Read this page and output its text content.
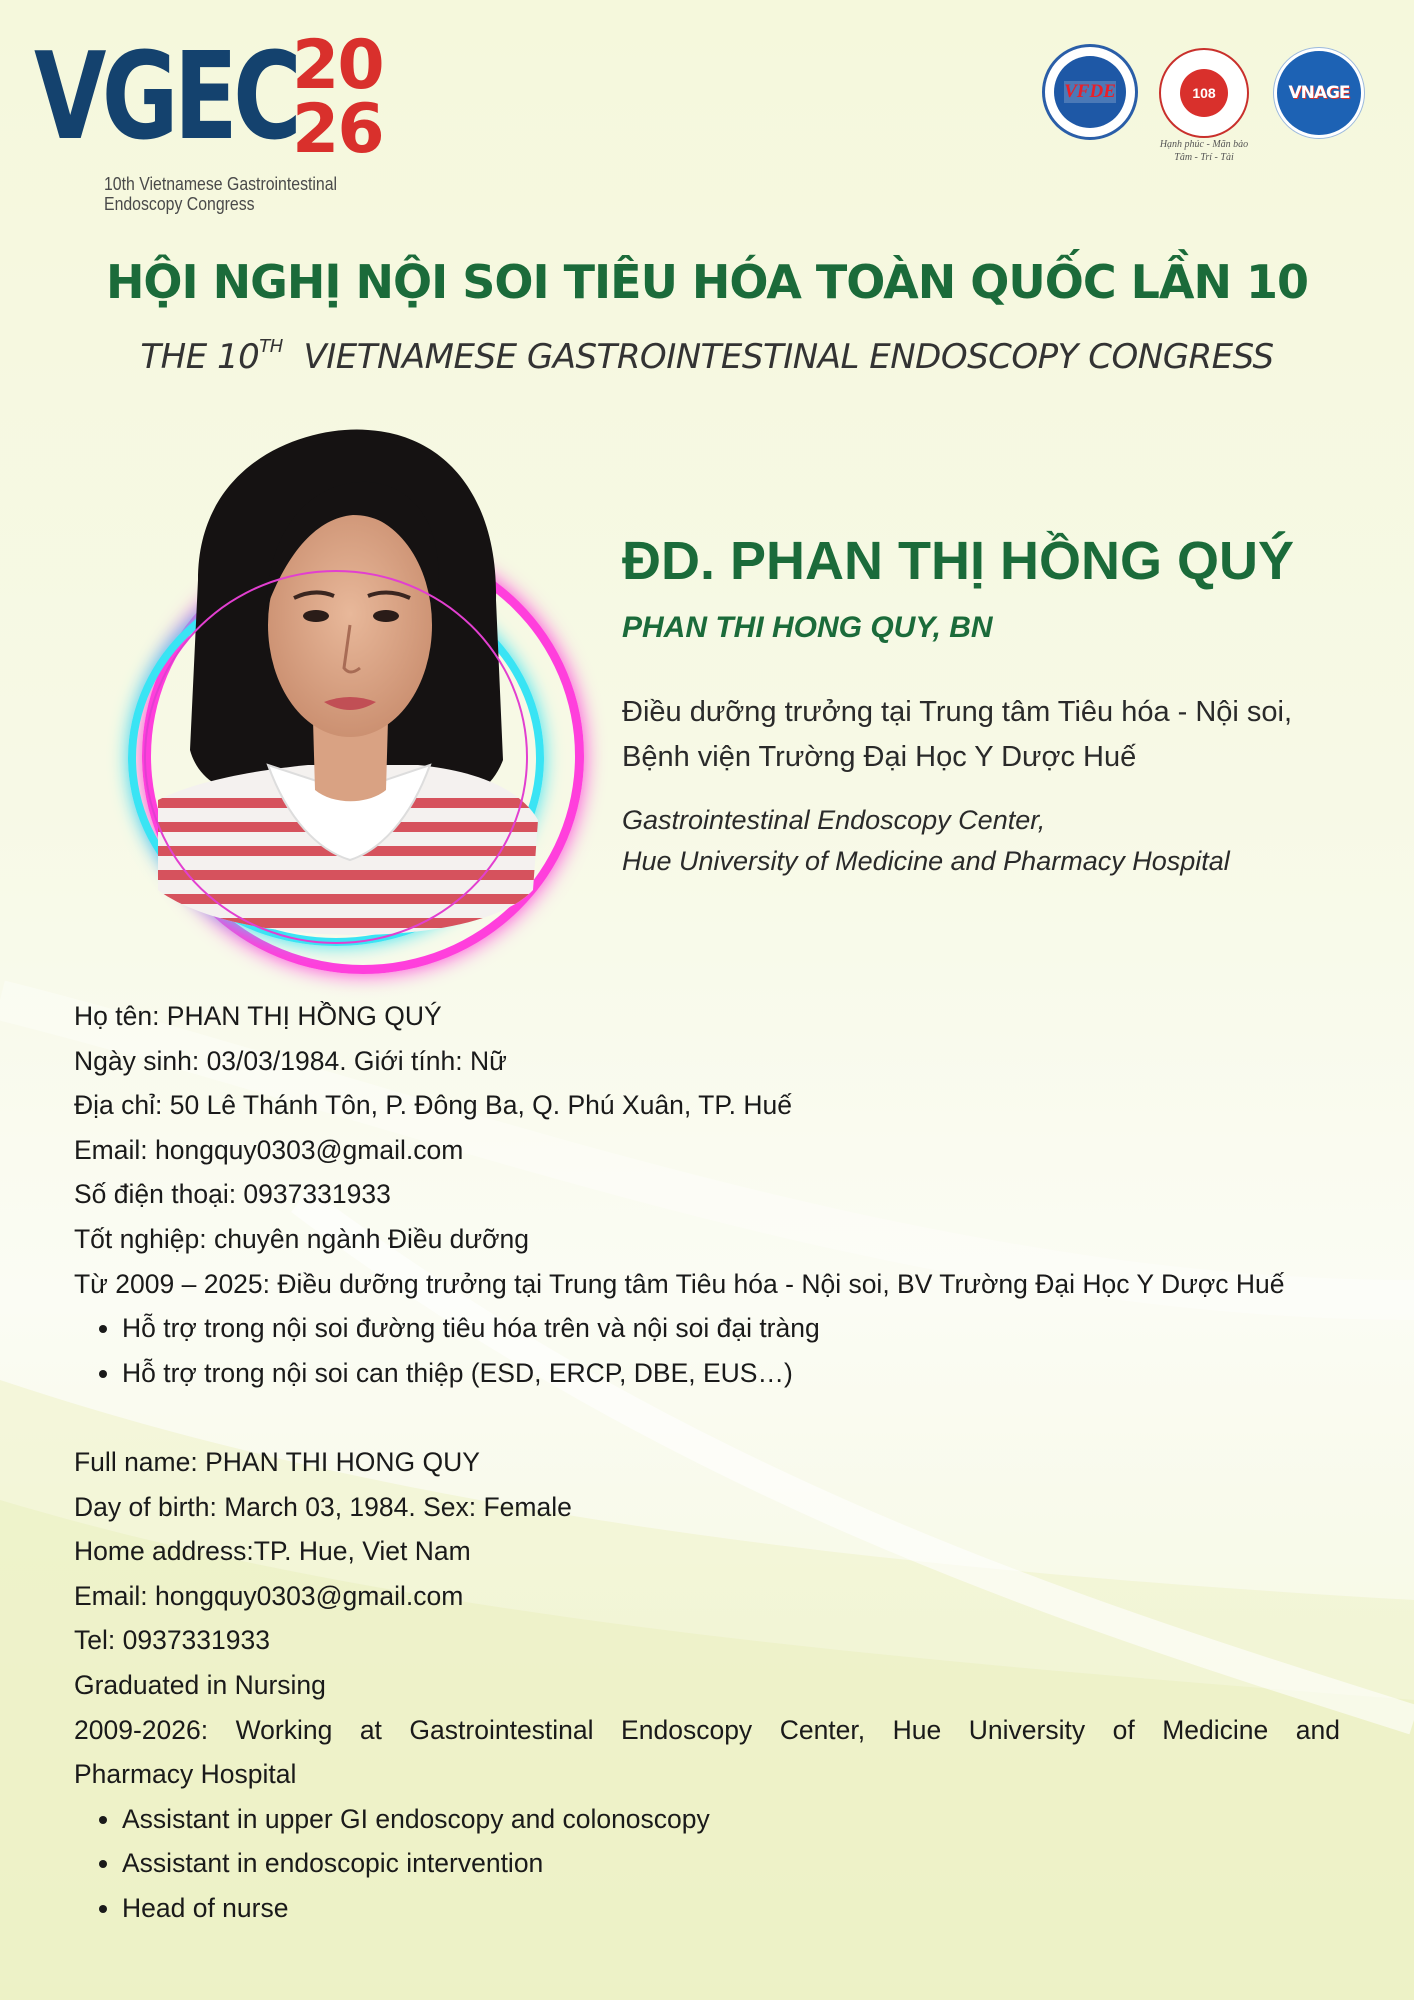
VGEC
20
26
10th Vietnamese Gastrointestinal
Endoscopy Congress
VFDE	108
Hạnh phúc - Mãn bảo
Tâm - Trí - Tài
VNAGE
HỘI NGHỊ NỘI SOI TIÊU HÓA TOÀN QUỐC LẦN 10
THE 10TH VIETNAMESE GASTROINTESTINAL ENDOSCOPY CONGRESS
ĐD. PHAN THỊ HỒNG QUÝ
PHAN THI HONG QUY, BN
Điều dưỡng trưởng tại Trung tâm Tiêu hóa - Nội soi,
Bệnh viện Trường Đại Học Y Dược Huế
Gastrointestinal Endoscopy Center,
Hue University of Medicine and Pharmacy Hospital

Họ tên: PHAN THỊ HỒNG QUÝ

Ngày sinh: 03/03/1984. Giới tính: Nữ

Địa chỉ: 50 Lê Thánh Tôn, P. Đông Ba, Q. Phú Xuân, TP. Huế

Email: hongquy0303@gmail.com

Số điện thoại: 0937331933

Tốt nghiệp: chuyên ngành Điều dưỡng

Từ 2009 – 2025: Điều dưỡng trưởng tại Trung tâm Tiêu hóa - Nội soi, BV Trường Đại Học Y Dược Huế

• Hỗ trợ trong nội soi đường tiêu hóa trên và nội soi đại tràng
• Hỗ trợ trong nội soi can thiệp (ESD, ERCP, DBE, EUS…)

Full name: PHAN THI HONG QUY

Day of birth: March 03, 1984. Sex: Female

Home address:TP. Hue, Viet Nam

Email: hongquy0303@gmail.com

Tel: 0937331933

Graduated in Nursing

2009-2026: Working at Gastrointestinal Endoscopy Center, Hue University of Medicine and

Pharmacy Hospital

• Assistant in upper GI endoscopy and colonoscopy
• Assistant in endoscopic intervention
• Head of nurse
